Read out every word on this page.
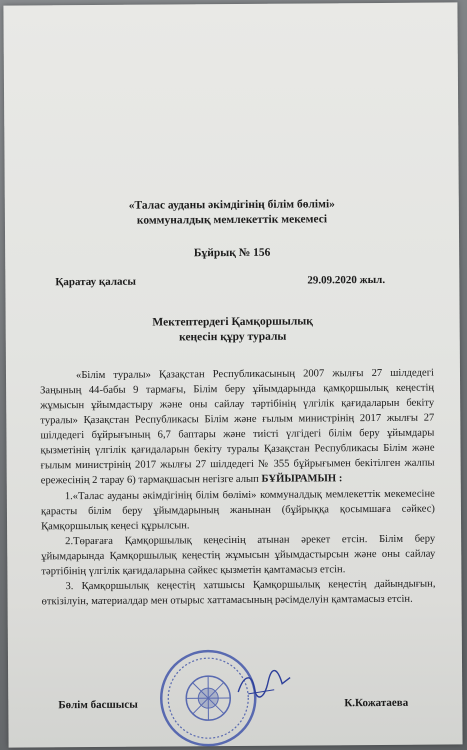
«Талас ауданы әкімдігінің білім бөлімі»
коммуналдық мемлекеттік мекемесі
Бұйрық № 156
Қаратау қаласы	29.09.2020 жыл.
Мектептердегі Қамқоршылық
кеңесін құру туралы

«Білім туралы» Қазақстан Республикасының 2007 жылғы 27 шілдедегі Заңының 44-бабы 9 тармағы, Білім беру ұйымдарында қамқоршылық кеңестің жұмысын ұйымдастыру және оны сайлау тәртібінің үлгілік қағидаларын бекіту туралы» Қазақстан Республикасы Білім және ғылым министрінің 2017 жылғы 27 шілдедегі бұйрығының 6,7 баптары және тиісті үлгідегі білім беру ұйымдары қызметінің үлгілік қағидаларын бекіту туралы Қазақстан Республикасы Білім және ғылым министрінің 2017 жылғы 27 шілдедегі № 355 бұйрығымен бекітілген жалпы ережесінің 2 тарау 6) тармақшасын негізге алып БҰЙЫРАМЫН :

1.«Талас ауданы әкімдігінің білім бөлімі» коммуналдық мемлекеттік мекемесіне қарасты білім беру ұйымдарының жанынан (бұйрыққа қосымшаға сәйкес) Қамқоршылық кеңесі құрылсын.

2.Төрағаға Қамқоршылық кеңесінің атынан әрекет етсін. Білім беру ұйымдарында Қамқоршылық кеңестің жұмысын ұйымдастырсын және оны сайлау тәртібінің үлгілік қағидаларына сәйкес қызметін қамтамасыз етсін.

3. Қамқоршылық кеңестің хатшысы Қамқоршылық кеңестің дайындығын, өткізілуін, материалдар мен отырыс хаттамасының рәсімделуін қамтамасыз етсін.

Бөлім басшысы	К.Кожатаева
